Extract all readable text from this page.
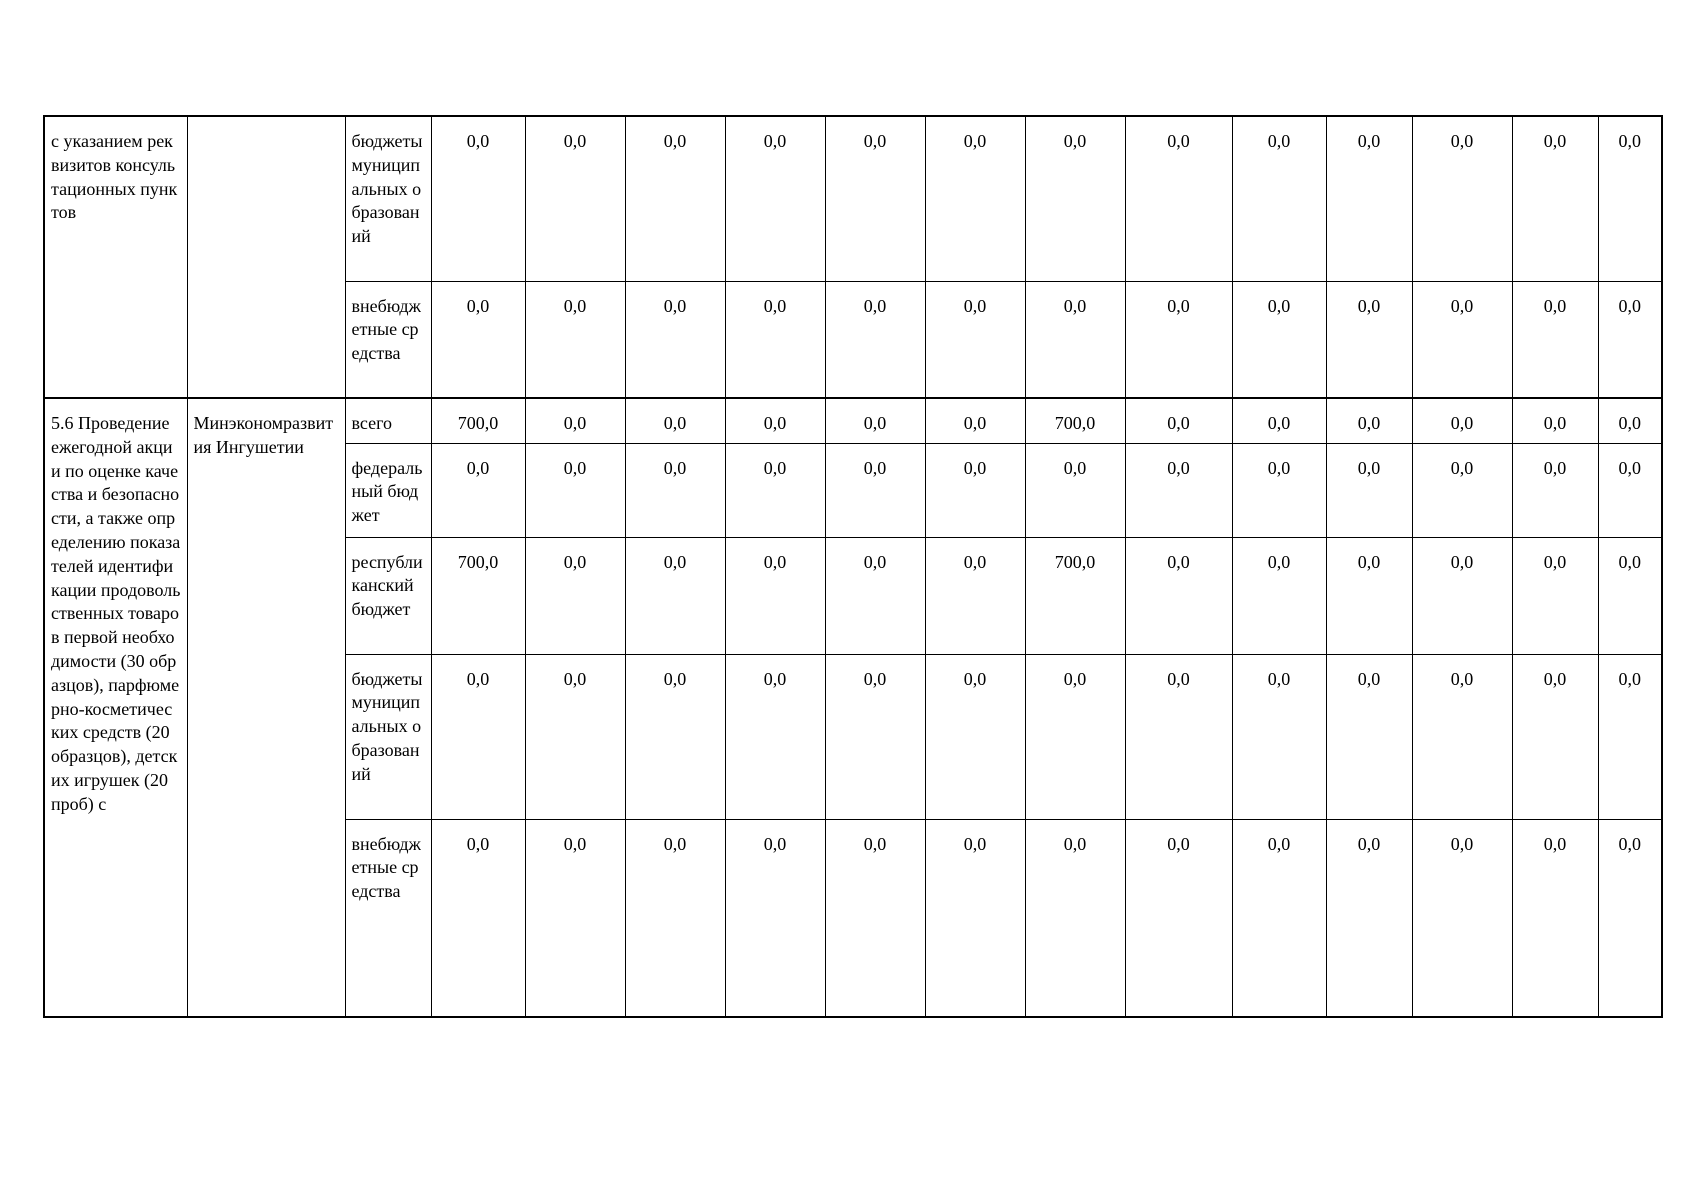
с указанием реквизитов консультационных пунктов		бюджеты муниципальных образований	0,0	0,0	0,0	0,0	0,0	0,0	0,0	0,0	0,0	0,0	0,0	0,0	0,0
		внебюджетные средства	0,0	0,0	0,0	0,0	0,0	0,0	0,0	0,0	0,0	0,0	0,0	0,0	0,0
5.6 Проведение ежегодной акции по оценке качества и безопасности, а также определению показателей идентификации продовольственных товаров первой необходимости (30 образцов), парфюмерно-косметических средств (20 образцов), детских игрушек (20 проб) с	Минэкономразвития Ингушетии	всего	700,0	0,0	0,0	0,0	0,0	0,0	700,0	0,0	0,0	0,0	0,0	0,0	0,0
		федеральный бюджет	0,0	0,0	0,0	0,0	0,0	0,0	0,0	0,0	0,0	0,0	0,0	0,0	0,0
		республиканский бюджет	700,0	0,0	0,0	0,0	0,0	0,0	700,0	0,0	0,0	0,0	0,0	0,0	0,0
		бюджеты муниципальных образований	0,0	0,0	0,0	0,0	0,0	0,0	0,0	0,0	0,0	0,0	0,0	0,0	0,0
		внебюджетные средства	0,0	0,0	0,0	0,0	0,0	0,0	0,0	0,0	0,0	0,0	0,0	0,0	0,0
